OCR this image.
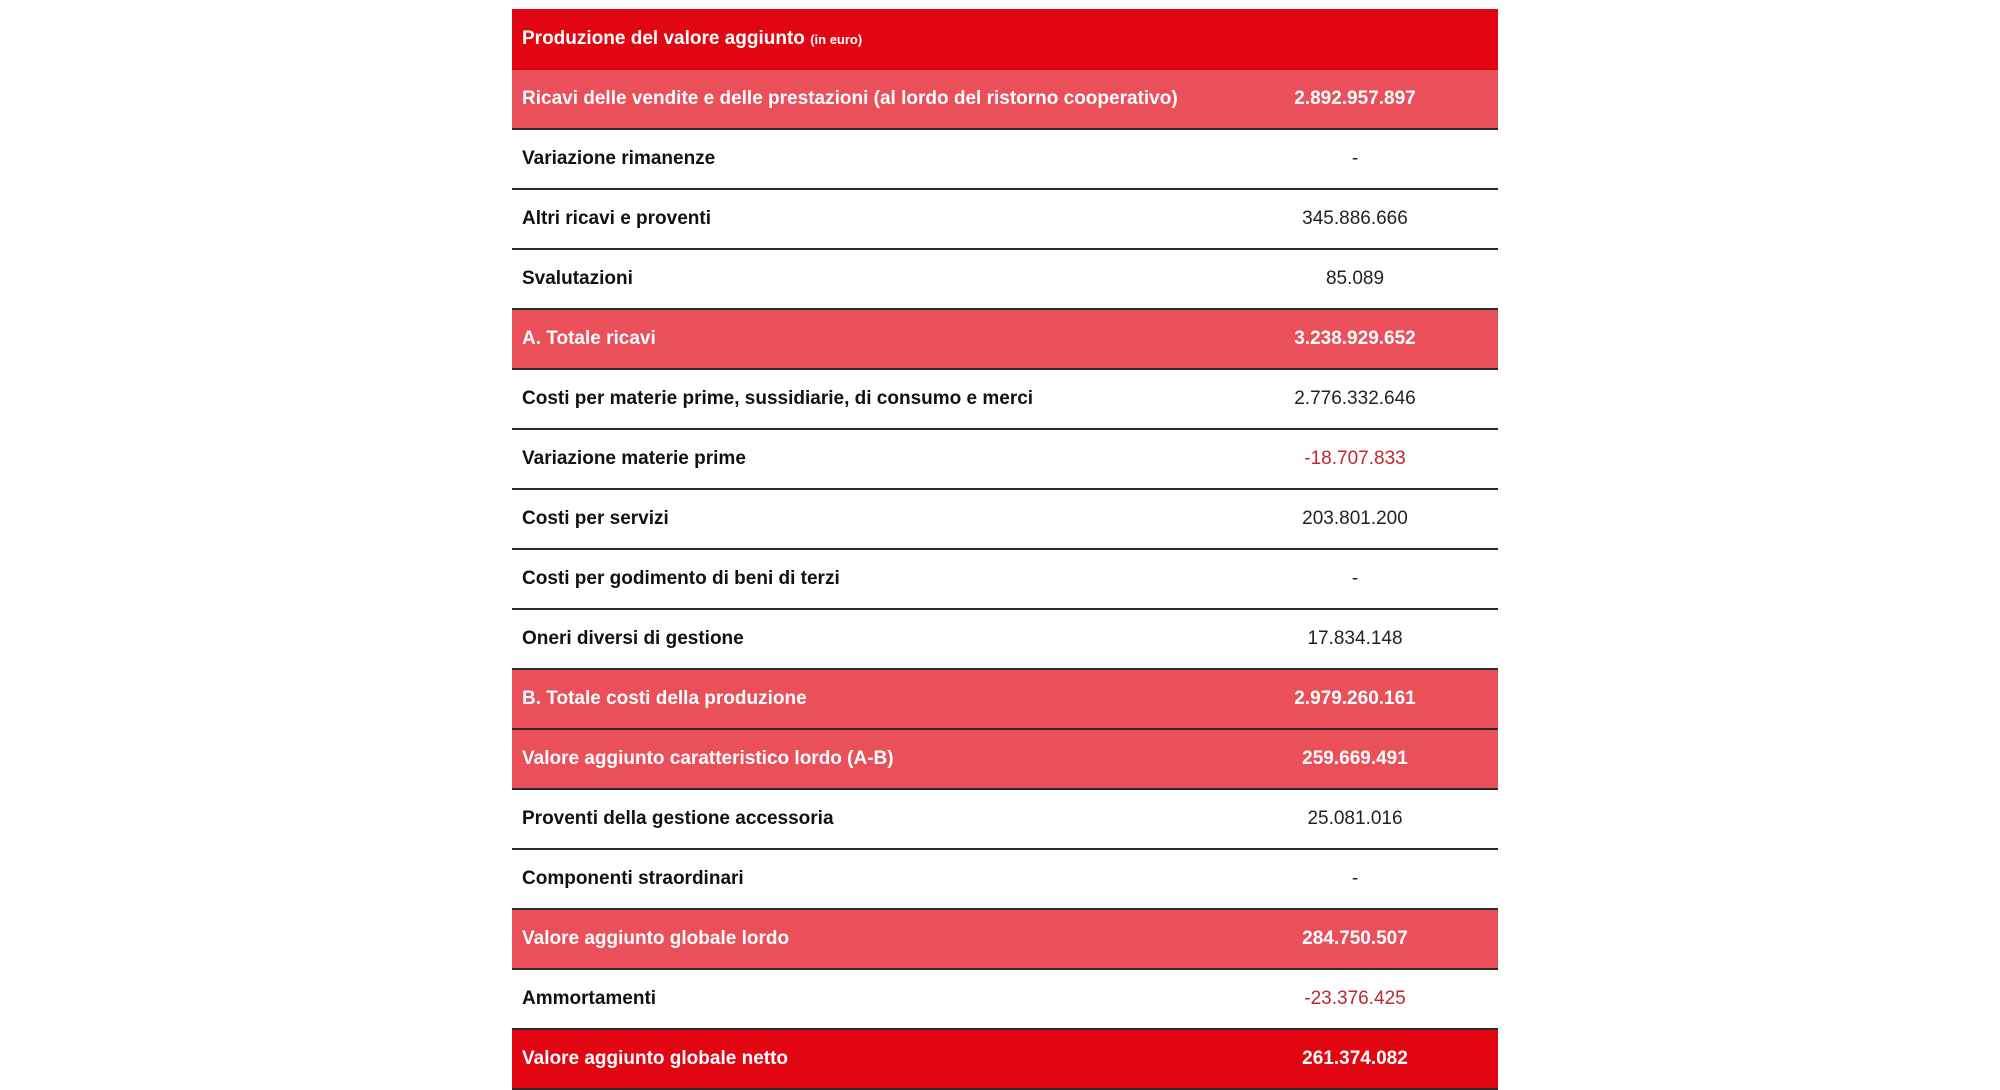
Produzione del valore aggiunto (in euro)	
Ricavi delle vendite e delle prestazioni (al lordo del ristorno cooperativo)	2.892.957.897
Variazione rimanenze	-
Altri ricavi e proventi	345.886.666
Svalutazioni	85.089
A. Totale ricavi	3.238.929.652
Costi per materie prime, sussidiarie, di consumo e merci	2.776.332.646
Variazione materie prime	-18.707.833
Costi per servizi	203.801.200
Costi per godimento di beni di terzi	-
Oneri diversi di gestione	17.834.148
B. Totale costi della produzione	2.979.260.161
Valore aggiunto caratteristico lordo (A-B)	259.669.491
Proventi della gestione accessoria	25.081.016
Componenti straordinari	-
Valore aggiunto globale lordo	284.750.507
Ammortamenti	-23.376.425
Valore aggiunto globale netto	261.374.082
